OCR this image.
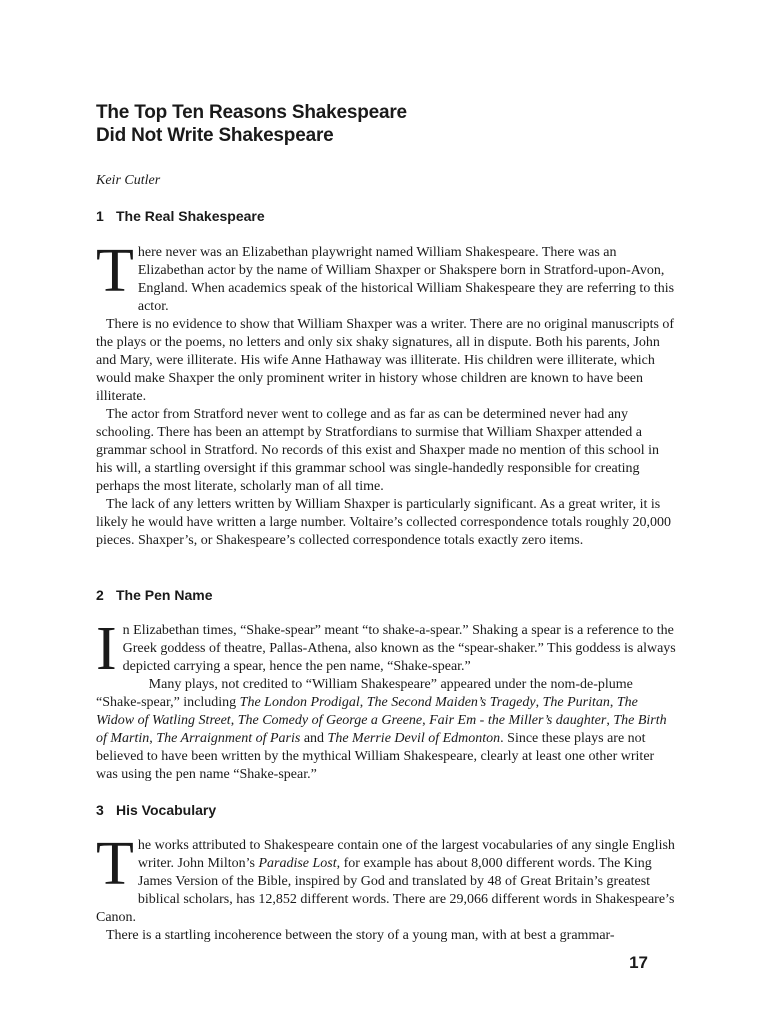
The Top Ten Reasons Shakespeare
Did Not Write Shakespeare
Keir Cutler
1 The Real Shakespeare

There never was an Elizabethan playwright named William Shakespeare. There was an Elizabethan actor by the name of William Shaxper or Shakspere born in Stratford-upon-Avon, England. When academics speak of the historical William Shakespeare they are referring to this actor.

There is no evidence to show that William Shaxper was a writer. There are no original manuscripts of the plays or the poems, no letters and only six shaky signatures, all in dispute. Both his parents, John and Mary, were illiterate. His wife Anne Hathaway was illiterate. His children were illiterate, which would make Shaxper the only prominent writer in history whose children are known to have been illiterate.

The actor from Stratford never went to college and as far as can be determined never had any schooling. There has been an attempt by Stratfordians to surmise that William Shaxper attended a grammar school in Stratford. No records of this exist and Shaxper made no mention of this school in his will, a startling oversight if this grammar school was single-handedly responsible for creating perhaps the most literate, scholarly man of all time.

The lack of any letters written by William Shaxper is particularly significant. As a great writer, it is likely he would have written a large number. Voltaire’s collected correspondence totals roughly 20,000 pieces. Shaxper’s, or Shakespeare’s collected correspondence totals exactly zero items.

2 The Pen Name

In Elizabethan times, “Shake-spear” meant “to shake-a-spear.” Shaking a spear is a reference to the Greek goddess of theatre, Pallas-Athena, also known as the “spear-shaker.” This goddess is always depicted carrying a spear, hence the pen name, “Shake-spear.”

Many plays, not credited to “William Shakespeare” appeared under the nom-de-plume “Shake-spear,” including The London Prodigal, The Second Maiden’s Tragedy, The Puritan, The Widow of Watling Street, The Comedy of George a Greene, Fair Em - the Miller’s daughter, The Birth of Martin, The Arraignment of Paris and The Merrie Devil of Edmonton. Since these plays are not believed to have been written by the mythical William Shakespeare, clearly at least one other writer was using the pen name “Shake-spear.”

3 His Vocabulary

The works attributed to Shakespeare contain one of the largest vocabularies of any single English writer. John Milton’s Paradise Lost, for example has about 8,000 different words. The King James Version of the Bible, inspired by God and translated by 48 of Great Britain’s greatest biblical scholars, has 12,852 different words. There are 29,066 different words in Shakespeare’s Canon.

There is a startling incoherence between the story of a young man, with at best a grammar-

17
